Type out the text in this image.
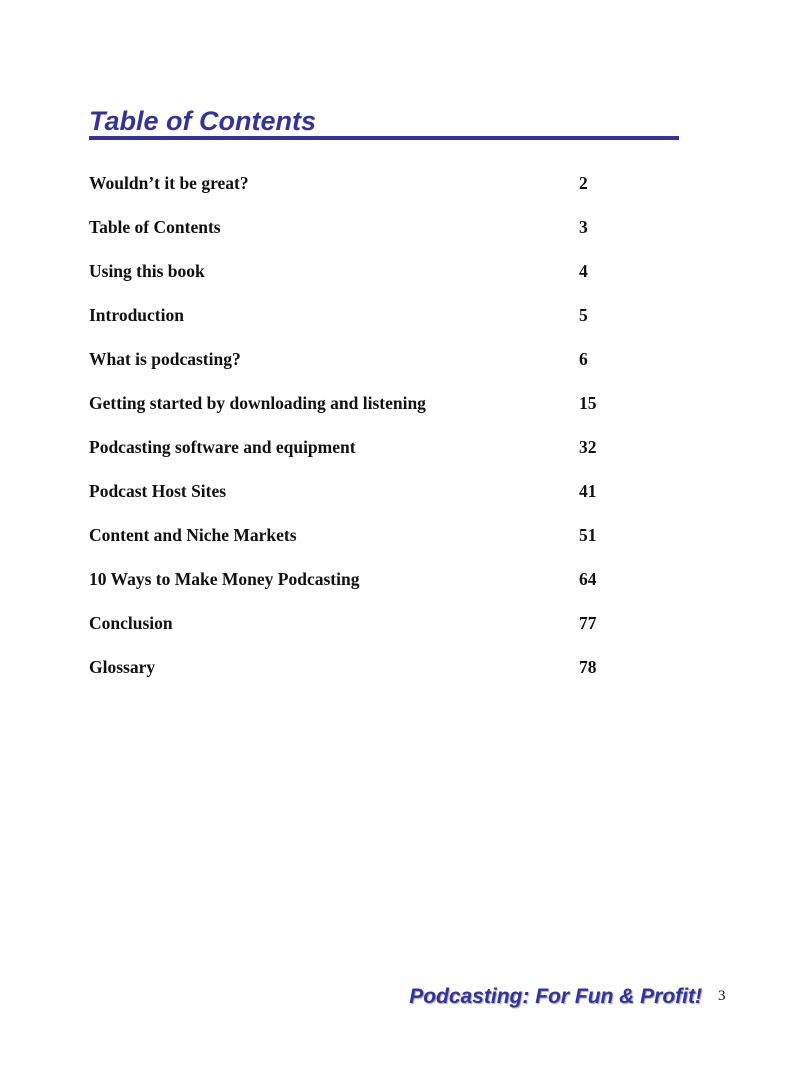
Table of Contents
Wouldn’t it be great?	2
Table of Contents	3
Using this book	4
Introduction	5
What is podcasting?	6
Getting started by downloading and listening	15
Podcasting software and equipment	32
Podcast Host Sites	41
Content and Niche Markets	51
10 Ways to Make Money Podcasting	64
Conclusion	77
Glossary	78
Podcasting: For Fun & Profit! 3
